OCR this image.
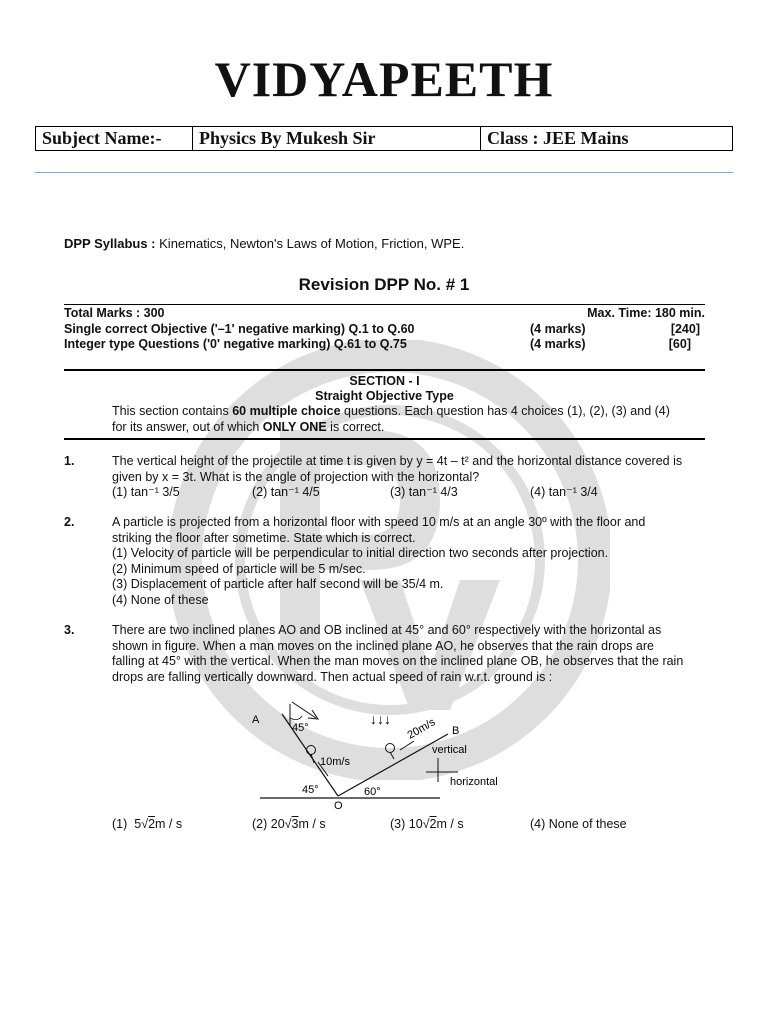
VIDYAPEETH
Subject Name:-	Physics By Mukesh Sir	Class : JEE Mains
DPP Syllabus : Kinematics, Newton's Laws of Motion, Friction, WPE.
Revision DPP No. # 1
Total Marks : 300	Max. Time: 180 min.
Single correct Objective ('–1' negative marking) Q.1 to Q.60	(4 marks)	[240]
Integer type Questions ('0' negative marking) Q.61 to Q.75	(4 marks)	[60]
SECTION - I
Straight Objective Type
This section contains 60 multiple choice questions. Each question has 4 choices (1), (2), (3) and (4)
for its answer, out of which ONLY ONE is correct.
1.	The vertical height of the projectile at time t is given by y = 4t – t² and the horizontal distance covered is
given by x = 3t. What is the angle of projection with the horizontal?
(1) tan⁻¹ 3/5	(2) tan⁻¹ 4/5	(3) tan⁻¹ 4/3	(4) tan⁻¹ 3/4
2.	A particle is projected from a horizontal floor with speed 10 m/s at an angle 30º with the floor and
striking the floor after sometime. State which is correct.
(1) Velocity of particle will be perpendicular to initial direction two seconds after projection.
(2) Minimum speed of particle will be 5 m/sec.
(3) Displacement of particle after half second will be 35/4 m.
(4) None of these
3.	There are two inclined planes AO and OB inclined at 45° and 60° respectively with the horizontal as
shown in figure. When a man moves on the inclined plane AO, he observes that the rain drops are
falling at 45° with the vertical. When the man moves on the inclined plane OB, he observes that the rain
drops are falling vertically downward. Then actual speed of rain w.r.t. ground is :
45°
A
B
O
45°	60°
↓↓↓
10m/s
20m/s
vertical
horizontal
(1) 5√2m / s	(2) 20√3m / s	(3) 10√2m / s	(4) None of these
